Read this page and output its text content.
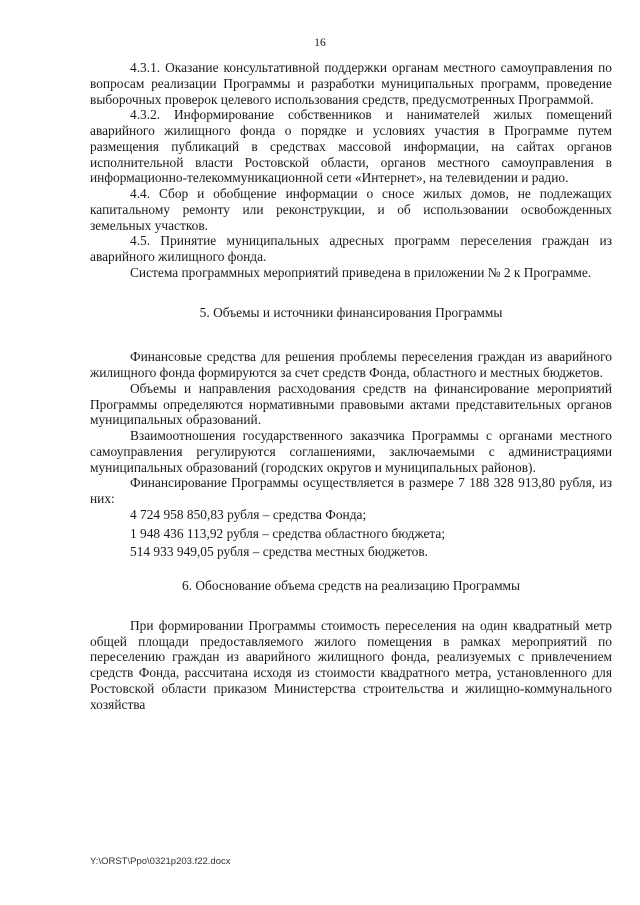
16

4.3.1. Оказание консультативной поддержки органам местного самоуправления по вопросам реализации Программы и разработки муниципальных программ, проведение выборочных проверок целевого использования средств, предусмотренных Программой.

4.3.2. Информирование собственников и нанимателей жилых помещений аварийного жилищного фонда о порядке и условиях участия в Программе путем размещения публикаций в средствах массовой информации, на сайтах органов исполнительной власти Ростовской области, органов местного самоуправления в информационно-телекоммуникационной сети «Интернет», на телевидении и радио.

4.4. Сбор и обобщение информации о сносе жилых домов, не подлежащих капитальному ремонту или реконструкции, и об использовании освобожденных земельных участков.

4.5. Принятие муниципальных адресных программ переселения граждан из аварийного жилищного фонда.

Система программных мероприятий приведена в приложении № 2 к Программе.

5. Объемы и источники финансирования Программы

Финансовые средства для решения проблемы переселения граждан из аварийного жилищного фонда формируются за счет средств Фонда, областного и местных бюджетов.

Объемы и направления расходования средств на финансирование мероприятий Программы определяются нормативными правовыми актами представительных органов муниципальных образований.

Взаимоотношения государственного заказчика Программы с органами местного самоуправления регулируются соглашениями, заключаемыми с администрациями муниципальных образований (городских округов и муниципальных районов).

Финансирование Программы осуществляется в размере 7 188 328 913,80 рубля, из них:

4 724 958 850,83 рубля – средства Фонда;

1 948 436 113,92 рубля – средства областного бюджета;

514 933 949,05 рубля – средства местных бюджетов.

6. Обоснование объема средств на реализацию Программы

При формировании Программы стоимость переселения на один квадратный метр общей площади предоставляемого жилого помещения в рамках мероприятий по переселению граждан из аварийного жилищного фонда, реализуемых с привлечением средств Фонда, рассчитана исходя из стоимости квадратного метра, установленного для Ростовской области приказом Министерства строительства и жилищно-коммунального хозяйства

Y:\ORST\Ppo\0321p203.f22.docx
